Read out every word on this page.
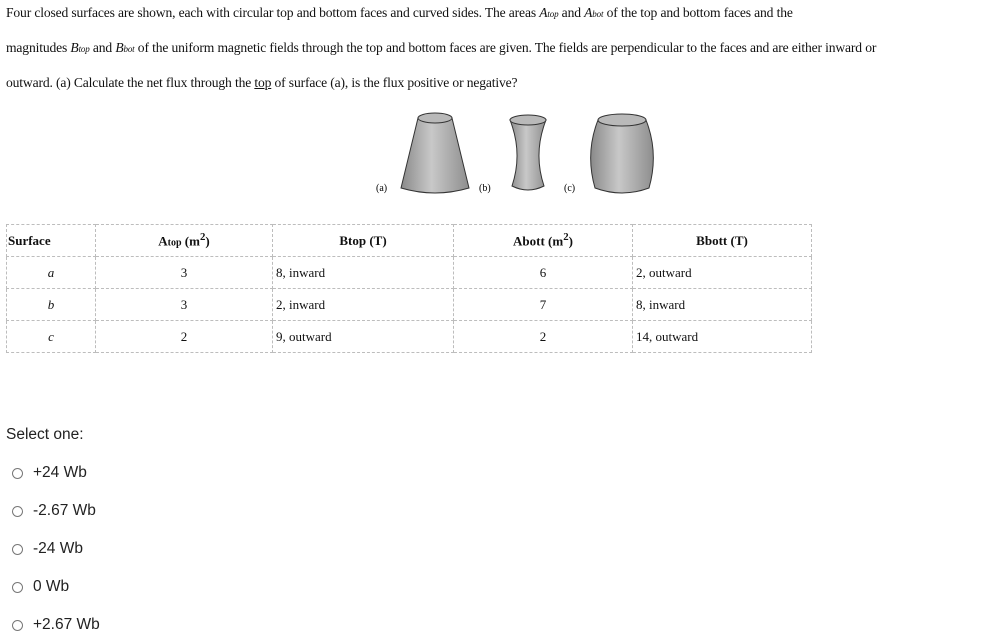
Four closed surfaces are shown, each with circular top and bottom faces and curved sides. The areas Atop and Abot of the top and bottom faces and the
magnitudes Btop and Bbot of the uniform magnetic fields through the top and bottom faces are given. The fields are perpendicular to the faces and are either inward or
outward. (a) Calculate the net flux through the top of surface (a), is the flux positive or negative?
(a)	(b)	(c)
Surface	Atop $(m^2)$	Btop (T)	Abott $(m^2)$	Bbott (T)
a	3	8, inward	6	2, outward
b	3	2, inward	7	8, inward
c	2	9, outward	2	14, outward
Select one:
+24 Wb
-2.67 Wb
-24 Wb
0 Wb
+2.67 Wb
